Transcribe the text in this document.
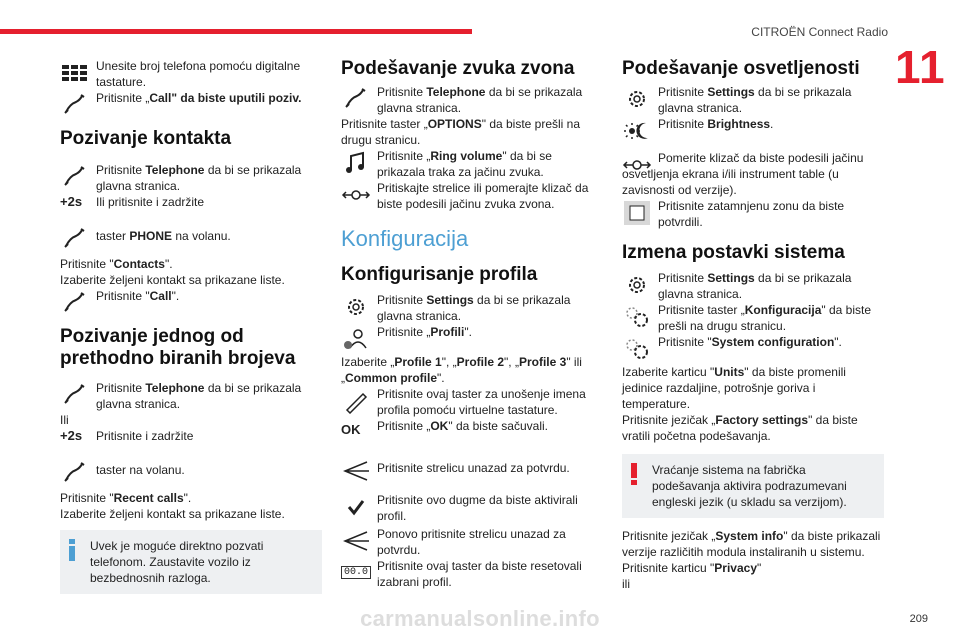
CITROËN Connect Radio
11
Unesite broj telefona pomoću digitalne tastature.
Pritisnite „Call" da biste uputili poziv.
Pozivanje kontakta
Pritisnite Telephone da bi se prikazala glavna stranica.
+2s	Ili pritisnite i zadržite
taster PHONE na volanu.
Pritisnite "Contacts".
Izaberite željeni kontakt sa prikazane liste.
Pritisnite "Call".
Pozivanje jednog od prethodno biranih brojeva
Pritisnite Telephone da bi se prikazala glavna stranica.
Ili
+2s	Pritisnite i zadržite
taster na volanu.
Pritisnite "Recent calls".
Izaberite željeni kontakt sa prikazane liste.
Uvek je moguće direktno pozvati telefonom. Zaustavite vozilo iz bezbednosnih razloga.
Podešavanje zvuka zvona
Pritisnite Telephone da bi se prikazala glavna stranica.
Pritisnite taster „OPTIONS" da biste prešli na drugu stranicu.
Pritisnite „Ring volume" da bi se prikazala traka za jačinu zvuka.
Pritiskajte strelice ili pomerajte klizač da biste podesili jačinu zvuka zvona.
Konfiguracija
Konfigurisanje profila
Pritisnite Settings da bi se prikazala glavna stranica.
Pritisnite „Profili".
Izaberite „Profile 1", „Profile 2", „Profile 3" ili „Common profile".
Pritisnite ovaj taster za unošenje imena profila pomoću virtuelne tastature.
OK	Pritisnite „OK" da biste sačuvali.
Pritisnite strelicu unazad za potvrdu.
Pritisnite ovo dugme da biste aktivirali profil.
Ponovo pritisnite strelicu unazad za potvrdu.
00.0 Pritisnite ovaj taster da biste resetovali izabrani profil.
Podešavanje osvetljenosti
Pritisnite Settings da bi se prikazala glavna stranica.
Pritisnite Brightness.
Pomerite klizač da biste podesili jačinu osvetljenja ekrana i/ili instrument table (u zavisnosti od verzije).
Pritisnite zatamnjenu zonu da biste potvrdili.
Izmena postavki sistema
Pritisnite Settings da bi se prikazala glavna stranica.
Pritisnite taster „Konfiguracija" da biste prešli na drugu stranicu.
Pritisnite "System configuration".
Izaberite karticu "Units" da biste promenili jedinice razdaljine, potrošnje goriva i temperature.
Pritisnite jezičak „Factory settings" da biste vratili početna podešavanja.
Vraćanje sistema na fabrička podešavanja aktivira podrazumevani engleski jezik (u skladu sa verzijom).
Pritisnite jezičak „System info" da biste prikazali verzije različitih modula instaliranih u sistemu.
Pritisnite karticu "Privacy"
ili
carmanualsonline.info	209
